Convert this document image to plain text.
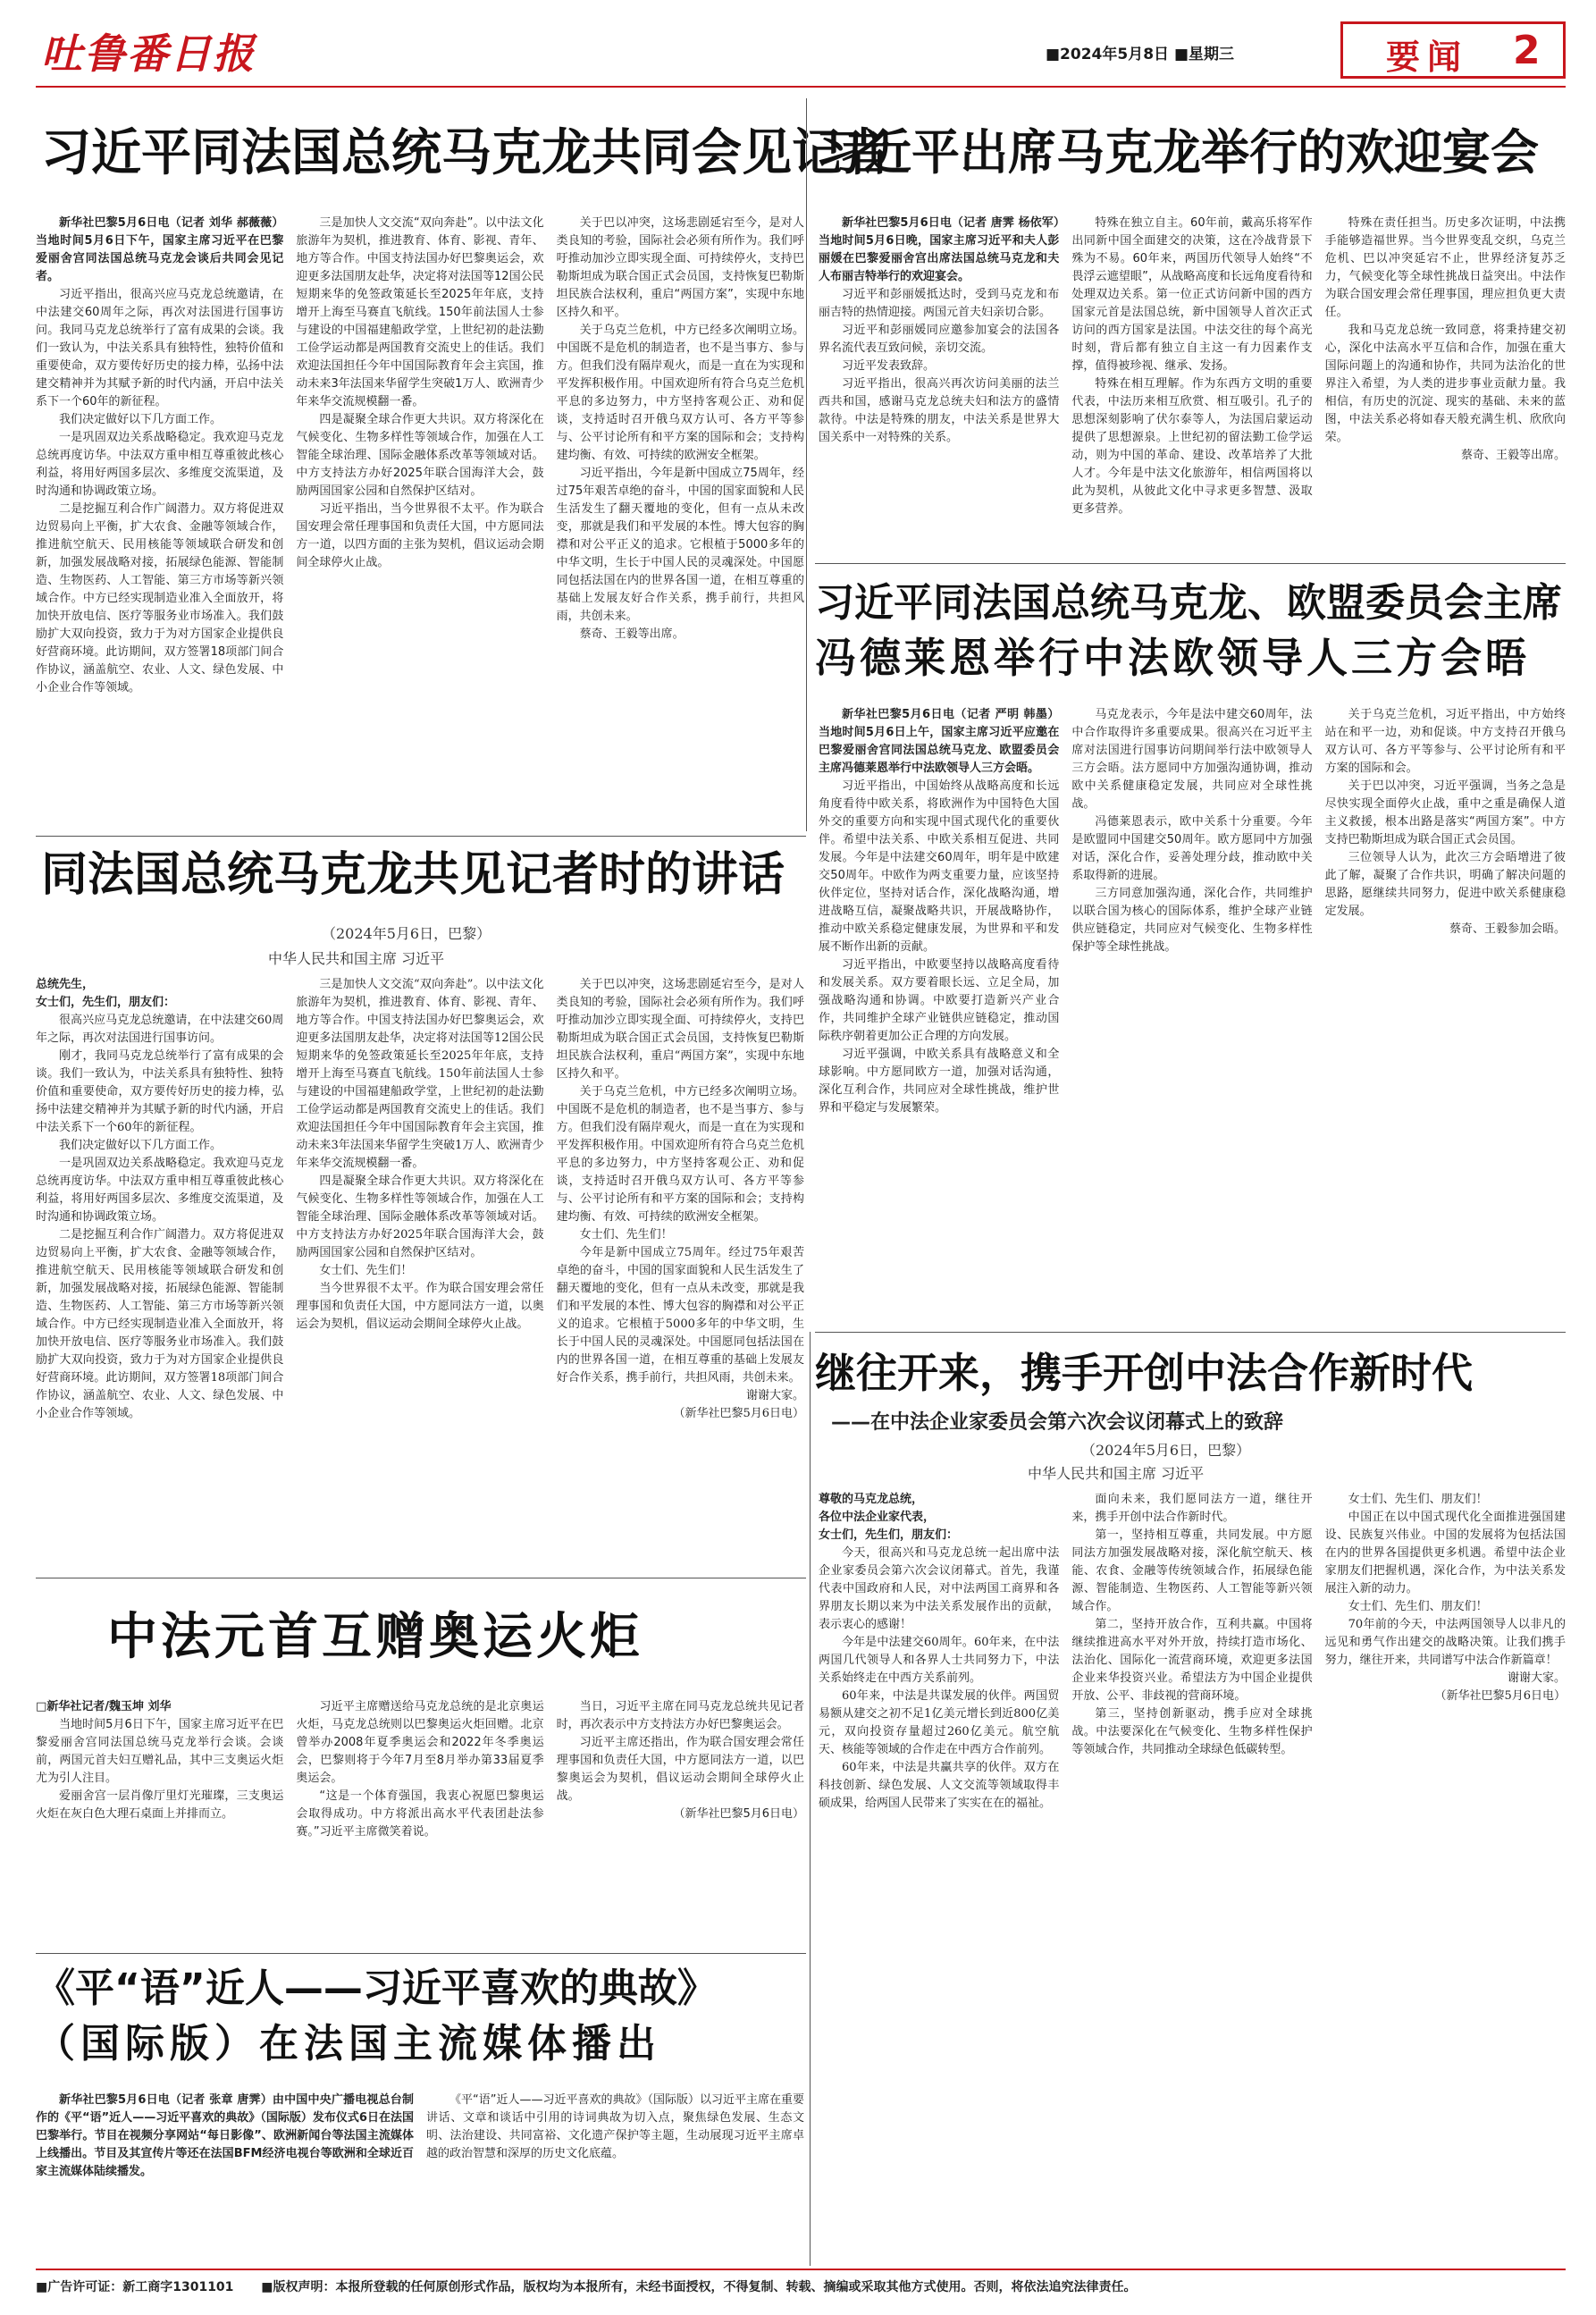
吐鲁番日报	■2024年5月8日 ■星期三	要闻 2
习近平同法国总统马克龙共同会见记者

新华社巴黎5月6日电（记者 刘华 郝薇薇）当地时间5月6日下午，国家主席习近平在巴黎爱丽舍宫同法国总统马克龙会谈后共同会见记者。

习近平指出，很高兴应马克龙总统邀请，在中法建交60周年之际，再次对法国进行国事访问。我同马克龙总统举行了富有成果的会谈。我们一致认为，中法关系具有独特性，独特价值和重要使命，双方要传好历史的接力棒，弘扬中法建交精神并为其赋予新的时代内涵，开启中法关系下一个60年的新征程。

我们决定做好以下几方面工作。

一是巩固双边关系战略稳定。我欢迎马克龙总统再度访华。中法双方重申相互尊重彼此核心利益，将用好两国多层次、多维度交流渠道，及时沟通和协调政策立场。

二是挖掘互利合作广阔潜力。双方将促进双边贸易向上平衡，扩大农食、金融等领域合作，推进航空航天、民用核能等领域联合研发和创新，加强发展战略对接，拓展绿色能源、智能制造、生物医药、人工智能、第三方市场等新兴领域合作。中方已经实现制造业准入全面放开，将加快开放电信、医疗等服务业市场准入。我们鼓励扩大双向投资，致力于为对方国家企业提供良好营商环境。此访期间，双方签署18项部门间合作协议，涵盖航空、农业、人文、绿色发展、中小企业合作等领域。

三是加快人文交流“双向奔赴”。以中法文化旅游年为契机，推进教育、体育、影视、青年、地方等合作。中国支持法国办好巴黎奥运会，欢迎更多法国朋友赴华，决定将对法国等12国公民短期来华的免签政策延长至2025年年底，支持增开上海至马赛直飞航线。150年前法国人士参与建设的中国福建船政学堂，上世纪初的赴法勤工俭学运动都是两国教育交流史上的佳话。我们欢迎法国担任今年中国国际教育年会主宾国，推动未来3年法国来华留学生突破1万人、欧洲青少年来华交流规模翻一番。

四是凝聚全球合作更大共识。双方将深化在气候变化、生物多样性等领域合作，加强在人工智能全球治理、国际金融体系改革等领域对话。中方支持法方办好2025年联合国海洋大会，鼓励两国国家公园和自然保护区结对。

习近平指出，当今世界很不太平。作为联合国安理会常任理事国和负责任大国，中方愿同法方一道，以四方面的主张为契机，倡议运动会期间全球停火止战。

关于巴以冲突，这场悲剧延宕至今，是对人类良知的考验，国际社会必须有所作为。我们呼吁推动加沙立即实现全面、可持续停火，支持巴勒斯坦成为联合国正式会员国，支持恢复巴勒斯坦民族合法权利，重启“两国方案”，实现中东地区持久和平。

关于乌克兰危机，中方已经多次阐明立场。中国既不是危机的制造者，也不是当事方、参与方。但我们没有隔岸观火，而是一直在为实现和平发挥积极作用。中国欢迎所有符合乌克兰危机平息的多边努力，中方坚持客观公正、劝和促谈，支持适时召开俄乌双方认可、各方平等参与、公平讨论所有和平方案的国际和会；支持构建均衡、有效、可持续的欧洲安全框架。

习近平指出，今年是新中国成立75周年，经过75年艰苦卓绝的奋斗，中国的国家面貌和人民生活发生了翻天覆地的变化，但有一点从未改变，那就是我们和平发展的本性。博大包容的胸襟和对公平正义的追求。它根植于5000多年的中华文明，生长于中国人民的灵魂深处。中国愿同包括法国在内的世界各国一道，在相互尊重的基础上发展友好合作关系，携手前行，共担风雨，共创未来。

蔡奇、王毅等出席。

习近平出席马克龙举行的欢迎宴会

新华社巴黎5月6日电（记者 唐霁 杨依军）当地时间5月6日晚，国家主席习近平和夫人彭丽媛在巴黎爱丽舍宫出席法国总统马克龙和夫人布丽吉特举行的欢迎宴会。

习近平和彭丽媛抵达时，受到马克龙和布丽吉特的热情迎接。两国元首夫妇亲切合影。

习近平和彭丽媛同应邀参加宴会的法国各界名流代表互致问候，亲切交流。

习近平发表致辞。

习近平指出，很高兴再次访问美丽的法兰西共和国，感谢马克龙总统夫妇和法方的盛情款待。中法是特殊的朋友，中法关系是世界大国关系中一对特殊的关系。

特殊在独立自主。60年前，戴高乐将军作出同新中国全面建交的决策，这在冷战背景下殊为不易。60年来，两国历代领导人始终“不畏浮云遮望眼”，从战略高度和长远角度看待和处理双边关系。第一位正式访问新中国的西方国家元首是法国总统，新中国领导人首次正式访问的西方国家是法国。中法交往的每个高光时刻，背后都有独立自主这一有力因素作支撑，值得被珍视、继承、发扬。

特殊在相互理解。作为东西方文明的重要代表，中法历来相互欣赏、相互吸引。孔子的思想深刻影响了伏尔泰等人，为法国启蒙运动提供了思想源泉。上世纪初的留法勤工俭学运动，则为中国的革命、建设、改革培养了大批人才。今年是中法文化旅游年，相信两国将以此为契机，从彼此文化中寻求更多智慧、汲取更多营养。

特殊在责任担当。历史多次证明，中法携手能够造福世界。当今世界变乱交织，乌克兰危机、巴以冲突延宕不止，世界经济复苏乏力，气候变化等全球性挑战日益突出。中法作为联合国安理会常任理事国，理应担负更大责任。

我和马克龙总统一致同意，将秉持建交初心，深化中法高水平互信和合作，加强在重大国际问题上的沟通和协作，共同为法治化的世界注入希望，为人类的进步事业贡献力量。我相信，有历史的沉淀、现实的基础、未来的蓝图，中法关系必将如春天般充满生机、欣欣向荣。

蔡奇、王毅等出席。

习近平同法国总统马克龙、欧盟委员会主席
冯德莱恩举行中法欧领导人三方会晤

新华社巴黎5月6日电（记者 严明 韩墨）当地时间5月6日上午，国家主席习近平应邀在巴黎爱丽舍宫同法国总统马克龙、欧盟委员会主席冯德莱恩举行中法欧领导人三方会晤。

习近平指出，中国始终从战略高度和长远角度看待中欧关系，将欧洲作为中国特色大国外交的重要方向和实现中国式现代化的重要伙伴。希望中法关系、中欧关系相互促进、共同发展。今年是中法建交60周年，明年是中欧建交50周年。中欧作为两支重要力量，应该坚持伙伴定位，坚持对话合作，深化战略沟通，增进战略互信，凝聚战略共识，开展战略协作，推动中欧关系稳定健康发展，为世界和平和发展不断作出新的贡献。

习近平指出，中欧要坚持以战略高度看待和发展关系。双方要着眼长远、立足全局，加强战略沟通和协调。中欧要打造新兴产业合作，共同维护全球产业链供应链稳定，推动国际秩序朝着更加公正合理的方向发展。

习近平强调，中欧关系具有战略意义和全球影响。中方愿同欧方一道，加强对话沟通，深化互利合作，共同应对全球性挑战，维护世界和平稳定与发展繁荣。

马克龙表示，今年是法中建交60周年，法中合作取得许多重要成果。很高兴在习近平主席对法国进行国事访问期间举行法中欧领导人三方会晤。法方愿同中方加强沟通协调，推动欧中关系健康稳定发展，共同应对全球性挑战。

冯德莱恩表示，欧中关系十分重要。今年是欧盟同中国建交50周年。欧方愿同中方加强对话，深化合作，妥善处理分歧，推动欧中关系取得新的进展。

三方同意加强沟通，深化合作，共同维护以联合国为核心的国际体系，维护全球产业链供应链稳定，共同应对气候变化、生物多样性保护等全球性挑战。

关于乌克兰危机，习近平指出，中方始终站在和平一边，劝和促谈。中方支持召开俄乌双方认可、各方平等参与、公平讨论所有和平方案的国际和会。

关于巴以冲突，习近平强调，当务之急是尽快实现全面停火止战，重中之重是确保人道主义救援，根本出路是落实“两国方案”。中方支持巴勒斯坦成为联合国正式会员国。

三位领导人认为，此次三方会晤增进了彼此了解，凝聚了合作共识，明确了解决问题的思路，愿继续共同努力，促进中欧关系健康稳定发展。

蔡奇、王毅参加会晤。

同法国总统马克龙共见记者时的讲话
（2024年5月6日，巴黎）
中华人民共和国主席 习近平

总统先生，

女士们，先生们，朋友们：

很高兴应马克龙总统邀请，在中法建交60周年之际，再次对法国进行国事访问。

刚才，我同马克龙总统举行了富有成果的会谈。我们一致认为，中法关系具有独特性、独特价值和重要使命，双方要传好历史的接力棒，弘扬中法建交精神并为其赋予新的时代内涵，开启中法关系下一个60年的新征程。

我们决定做好以下几方面工作。

一是巩固双边关系战略稳定。我欢迎马克龙总统再度访华。中法双方重申相互尊重彼此核心利益，将用好两国多层次、多维度交流渠道，及时沟通和协调政策立场。

二是挖掘互利合作广阔潜力。双方将促进双边贸易向上平衡，扩大农食、金融等领域合作，推进航空航天、民用核能等领域联合研发和创新，加强发展战略对接，拓展绿色能源、智能制造、生物医药、人工智能、第三方市场等新兴领域合作。中方已经实现制造业准入全面放开，将加快开放电信、医疗等服务业市场准入。我们鼓励扩大双向投资，致力于为对方国家企业提供良好营商环境。此访期间，双方签署18项部门间合作协议，涵盖航空、农业、人文、绿色发展、中小企业合作等领域。

三是加快人文交流“双向奔赴”。以中法文化旅游年为契机，推进教育、体育、影视、青年、地方等合作。中国支持法国办好巴黎奥运会，欢迎更多法国朋友赴华，决定将对法国等12国公民短期来华的免签政策延长至2025年年底，支持增开上海至马赛直飞航线。150年前法国人士参与建设的中国福建船政学堂，上世纪初的赴法勤工俭学运动都是两国教育交流史上的佳话。我们欢迎法国担任今年中国国际教育年会主宾国，推动未来3年法国来华留学生突破1万人、欧洲青少年来华交流规模翻一番。

四是凝聚全球合作更大共识。双方将深化在气候变化、生物多样性等领域合作，加强在人工智能全球治理、国际金融体系改革等领域对话。中方支持法方办好2025年联合国海洋大会，鼓励两国国家公园和自然保护区结对。

女士们、先生们！

当今世界很不太平。作为联合国安理会常任理事国和负责任大国，中方愿同法方一道，以奥运会为契机，倡议运动会期间全球停火止战。

关于巴以冲突，这场悲剧延宕至今，是对人类良知的考验，国际社会必须有所作为。我们呼吁推动加沙立即实现全面、可持续停火，支持巴勒斯坦成为联合国正式会员国，支持恢复巴勒斯坦民族合法权利，重启“两国方案”，实现中东地区持久和平。

关于乌克兰危机，中方已经多次阐明立场。中国既不是危机的制造者，也不是当事方、参与方。但我们没有隔岸观火，而是一直在为实现和平发挥积极作用。中国欢迎所有符合乌克兰危机平息的多边努力，中方坚持客观公正、劝和促谈，支持适时召开俄乌双方认可、各方平等参与、公平讨论所有和平方案的国际和会；支持构建均衡、有效、可持续的欧洲安全框架。

女士们、先生们！

今年是新中国成立75周年。经过75年艰苦卓绝的奋斗，中国的国家面貌和人民生活发生了翻天覆地的变化，但有一点从未改变，那就是我们和平发展的本性、博大包容的胸襟和对公平正义的追求。它根植于5000多年的中华文明，生长于中国人民的灵魂深处。中国愿同包括法国在内的世界各国一道，在相互尊重的基础上发展友好合作关系，携手前行，共担风雨，共创未来。

谢谢大家。

（新华社巴黎5月6日电）

中法元首互赠奥运火炬

□新华社记者/魏玉坤 刘华

当地时间5月6日下午，国家主席习近平在巴黎爱丽舍宫同法国总统马克龙举行会谈。会谈前，两国元首夫妇互赠礼品，其中三支奥运火炬尤为引人注目。

爱丽舍宫一层肖像厅里灯光璀璨，三支奥运火炬在灰白色大理石桌面上并排而立。

习近平主席赠送给马克龙总统的是北京奥运火炬，马克龙总统则以巴黎奥运火炬回赠。北京曾举办2008年夏季奥运会和2022年冬季奥运会，巴黎则将于今年7月至8月举办第33届夏季奥运会。

“这是一个体育强国，我衷心祝愿巴黎奥运会取得成功。中方将派出高水平代表团赴法参赛。”习近平主席微笑着说。

当日，习近平主席在同马克龙总统共见记者时，再次表示中方支持法方办好巴黎奥运会。

习近平主席还指出，作为联合国安理会常任理事国和负责任大国，中方愿同法方一道，以巴黎奥运会为契机，倡议运动会期间全球停火止战。

（新华社巴黎5月6日电）

继往开来，携手开创中法合作新时代
——在中法企业家委员会第六次会议闭幕式上的致辞
（2024年5月6日，巴黎）
中华人民共和国主席 习近平

尊敬的马克龙总统，

各位中法企业家代表，

女士们，先生们，朋友们：

今天，很高兴和马克龙总统一起出席中法企业家委员会第六次会议闭幕式。首先，我谨代表中国政府和人民，对中法两国工商界和各界朋友长期以来为中法关系发展作出的贡献，表示衷心的感谢！

今年是中法建交60周年。60年来，在中法两国几代领导人和各界人士共同努力下，中法关系始终走在中西方关系前列。

60年来，中法是共谋发展的伙伴。两国贸易额从建交之初不足1亿美元增长到近800亿美元，双向投资存量超过260亿美元。航空航天、核能等领域的合作走在中西方合作前列。

60年来，中法是共赢共享的伙伴。双方在科技创新、绿色发展、人文交流等领域取得丰硕成果，给两国人民带来了实实在在的福祉。

面向未来，我们愿同法方一道，继往开来，携手开创中法合作新时代。

第一，坚持相互尊重，共同发展。中方愿同法方加强发展战略对接，深化航空航天、核能、农食、金融等传统领域合作，拓展绿色能源、智能制造、生物医药、人工智能等新兴领域合作。

第二，坚持开放合作，互利共赢。中国将继续推进高水平对外开放，持续打造市场化、法治化、国际化一流营商环境，欢迎更多法国企业来华投资兴业。希望法方为中国企业提供开放、公平、非歧视的营商环境。

第三，坚持创新驱动，携手应对全球挑战。中法要深化在气候变化、生物多样性保护等领域合作，共同推动全球绿色低碳转型。

女士们、先生们、朋友们！

中国正在以中国式现代化全面推进强国建设、民族复兴伟业。中国的发展将为包括法国在内的世界各国提供更多机遇。希望中法企业家朋友们把握机遇，深化合作，为中法关系发展注入新的动力。

女士们、先生们、朋友们！

70年前的今天，中法两国领导人以非凡的远见和勇气作出建交的战略决策。让我们携手努力，继往开来，共同谱写中法合作新篇章！

谢谢大家。

（新华社巴黎5月6日电）

《平“语”近人——习近平喜欢的典故》
（国际版）在法国主流媒体播出

新华社巴黎5月6日电（记者 张章 唐霁）由中国中央广播电视总台制作的《平“语”近人——习近平喜欢的典故》（国际版）发布仪式6日在法国巴黎举行。节目在视频分享网站“每日影像”、欧洲新闻台等法国主流媒体上线播出。节目及其宣传片等还在法国BFM经济电视台等欧洲和全球近百家主流媒体陆续播发。

《平“语”近人——习近平喜欢的典故》（国际版）以习近平主席在重要讲话、文章和谈话中引用的诗词典故为切入点，聚焦绿色发展、生态文明、法治建设、共同富裕、文化遗产保护等主题，生动展现习近平主席卓越的政治智慧和深厚的历史文化底蕴。

■广告许可证：新工商字1301101 ■版权声明：本报所登载的任何原创形式作品，版权均为本报所有，未经书面授权，不得复制、转载、摘编或采取其他方式使用。否则，将依法追究法律责任。
